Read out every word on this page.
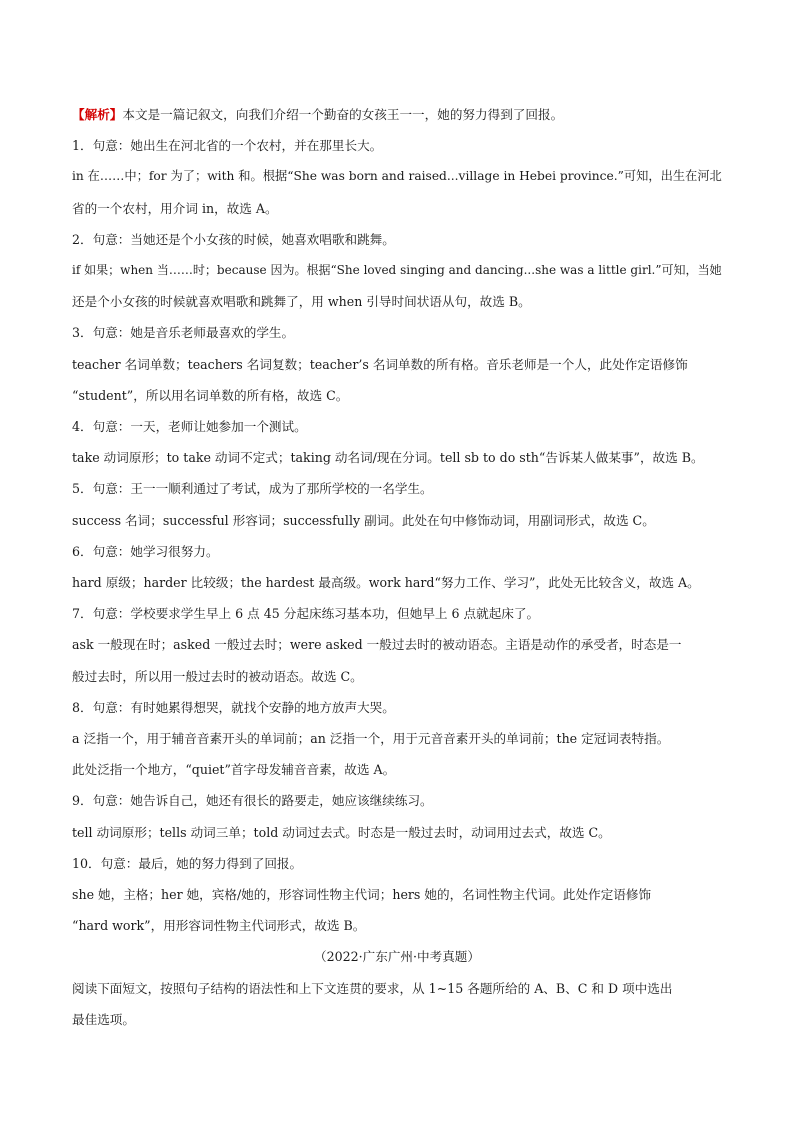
【解析】本文是一篇记叙文，向我们介绍一个勤奋的女孩王一一，她的努力得到了回报。
1．句意：她出生在河北省的一个农村，并在那里长大。
in 在……中；for 为了；with 和。根据“She was born and raised...village in Hebei province.”可知，出生在河北
省的一个农村，用介词 in，故选 A。
2．句意：当她还是个小女孩的时候，她喜欢唱歌和跳舞。
if 如果；when 当……时；because 因为。根据“She loved singing and dancing...she was a little girl.”可知，当她
还是个小女孩的时候就喜欢唱歌和跳舞了，用 when 引导时间状语从句，故选 B。
3．句意：她是音乐老师最喜欢的学生。
teacher 名词单数；teachers 名词复数；teacher’s 名词单数的所有格。音乐老师是一个人，此处作定语修饰
“student”，所以用名词单数的所有格，故选 C。
4．句意：一天，老师让她参加一个测试。
take 动词原形；to take 动词不定式；taking 动名词/现在分词。tell sb to do sth“告诉某人做某事”，故选 B。
5．句意：王一一顺利通过了考试，成为了那所学校的一名学生。
success 名词；successful 形容词；successfully 副词。此处在句中修饰动词，用副词形式，故选 C。
6．句意：她学习很努力。
hard 原级；harder 比较级；the hardest 最高级。work hard“努力工作、学习”，此处无比较含义，故选 A。
7．句意：学校要求学生早上 6 点 45 分起床练习基本功，但她早上 6 点就起床了。
ask 一般现在时；asked 一般过去时；were asked 一般过去时的被动语态。主语是动作的承受者，时态是一
般过去时，所以用一般过去时的被动语态。故选 C。
8．句意：有时她累得想哭，就找个安静的地方放声大哭。
a 泛指一个，用于辅音音素开头的单词前；an 泛指一个，用于元音音素开头的单词前；the 定冠词表特指。
此处泛指一个地方，“quiet”首字母发辅音音素，故选 A。
9．句意：她告诉自己，她还有很长的路要走，她应该继续练习。
tell 动词原形；tells 动词三单；told 动词过去式。时态是一般过去时，动词用过去式，故选 C。
10．句意：最后，她的努力得到了回报。
she 她，主格；her 她，宾格/她的，形容词性物主代词；hers 她的，名词性物主代词。此处作定语修饰
“hard work”，用形容词性物主代词形式，故选 B。
（2022·广东广州·中考真题）
阅读下面短文，按照句子结构的语法性和上下文连贯的要求，从 1~15 各题所给的 A、B、C 和 D 项中选出
最佳选项。
